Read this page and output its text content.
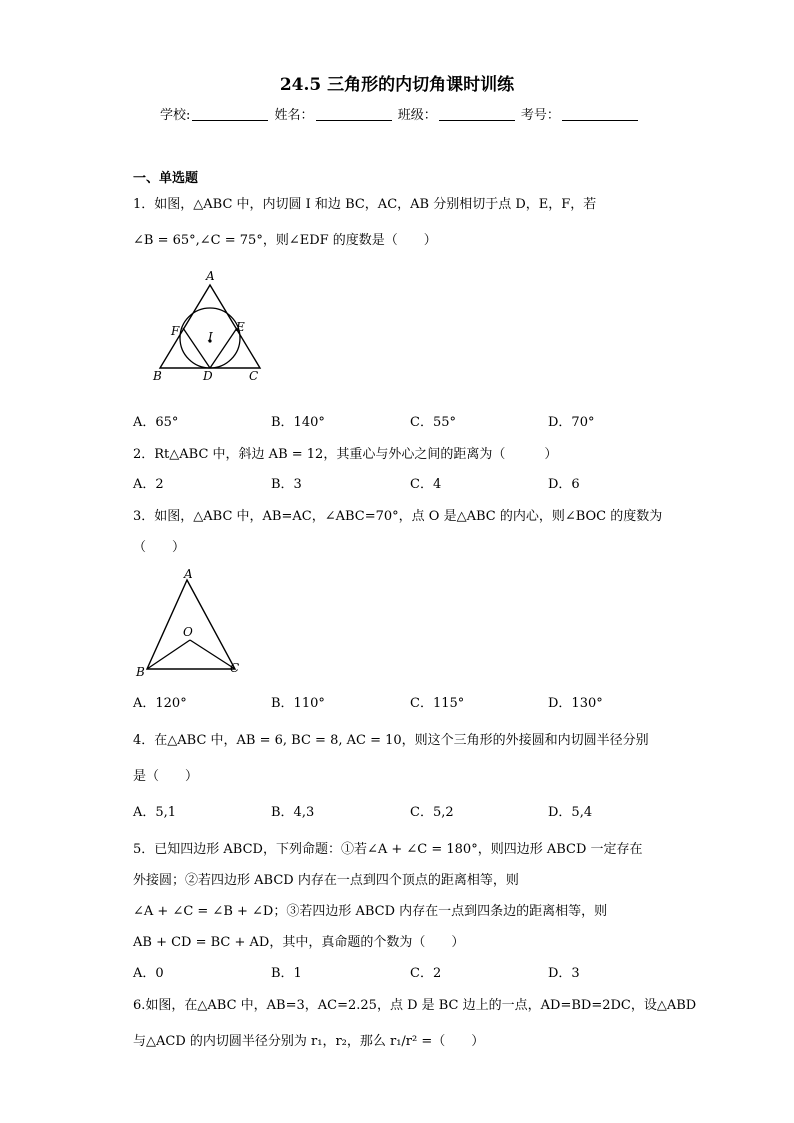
24.5 三角形的内切角课时训练
学校:	姓名：	班级：	考号：
一、单选题
1．如图，△ABC 中，内切圆 I 和边 BC，AC，AB 分别相切于点 D，E，F，若
∠B = 65°,∠C = 75°，则∠EDF 的度数是（　　）
A
F	E
I
B	D	C
A．65°	B．140°	C．55°	D．70°
2．Rt△ABC 中，斜边 AB = 12，其重心与外心之间的距离为（　　　）
A．2	B．3	C．4	D．6
3．如图，△ABC 中，AB=AC，∠ABC=70°，点 O 是△ABC 的内心，则∠BOC 的度数为
（　　）
A
O
B	C
A．120°	B．110°	C．115°	D．130°
4．在△ABC 中，AB = 6, BC = 8, AC = 10，则这个三角形的外接圆和内切圆半径分别
是（　　）
A．5,1	B．4,3	C．5,2	D．5,4
5．已知四边形 ABCD，下列命题：①若∠A + ∠C = 180°，则四边形 ABCD 一定存在
外接圆；②若四边形 ABCD 内存在一点到四个顶点的距离相等，则
∠A + ∠C = ∠B + ∠D；③若四边形 ABCD 内存在一点到四条边的距离相等，则
AB + CD = BC + AD，其中，真命题的个数为（　　）
A．0	B．1	C．2	D．3
6.如图，在△ABC 中，AB=3，AC=2.25，点 D 是 BC 边上的一点，AD=BD=2DC，设△ABD
与△ACD 的内切圆半径分别为 r₁，r₂，那么 r₁/r² =（　　）
